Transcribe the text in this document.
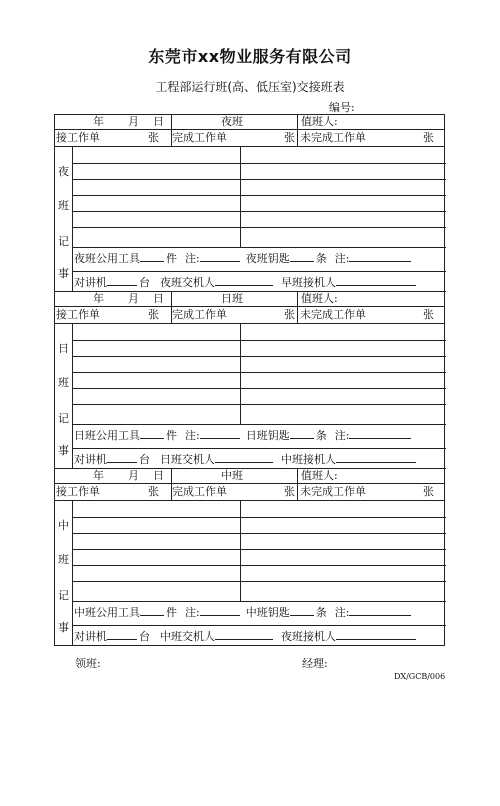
东莞市xx物业服务有限公司
工程部运行班(高、低压室)交接班表
编号:
年 月 日	夜班	值班人:
接工作单	张 完成工作单	张 未完成工作单	张
夜
班
记
事
夜班公用工具 件 注:	夜班钥匙 条 注:
对讲机	台 夜班交机人	早班接机人
年 月 日	日班	值班人:
接工作单	张 完成工作单	张 未完成工作单	张
日
班
记
事
日班公用工具 件 注:	日班钥匙 条 注:
对讲机	台 日班交机人	中班接机人
年 月 日	中班	值班人:
接工作单	张 完成工作单	张 未完成工作单	张
中
班
记
事
中班公用工具 件 注:	中班钥匙 条 注:
对讲机	台 中班交机人	夜班接机人
领班:	经理:
DX/GCB/006
